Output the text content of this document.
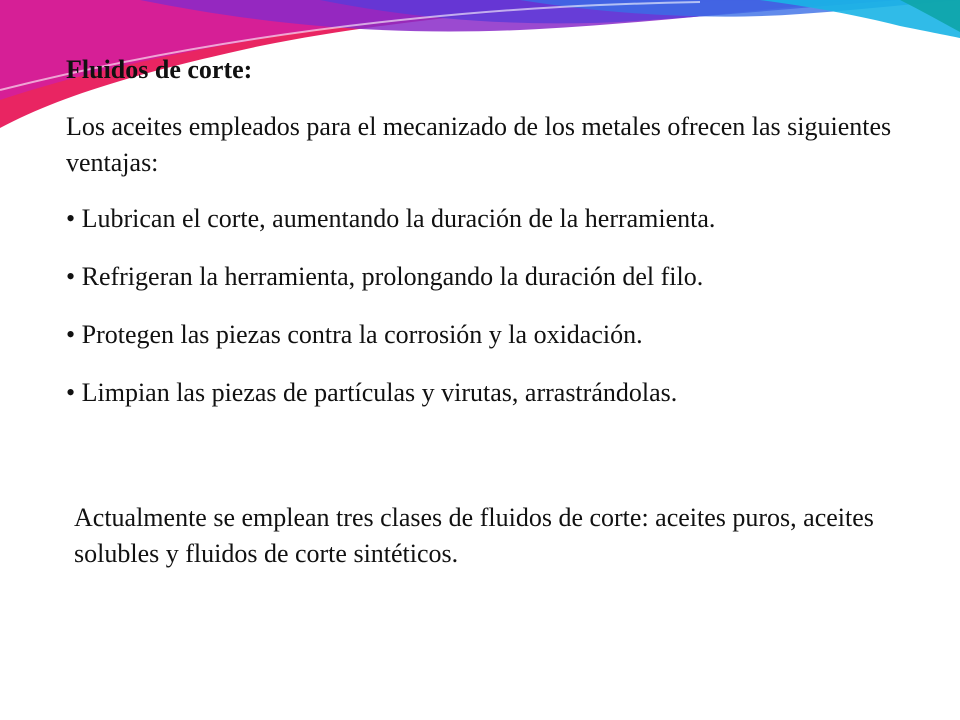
Fluidos de corte:

Los aceites empleados para el mecanizado de los metales ofrecen las siguientes ventajas:

• Lubrican el corte, aumentando la duración de la herramienta.
• Refrigeran la herramienta, prolongando la duración del filo.
• Protegen las piezas contra la corrosión y la oxidación.
• Limpian las piezas de partículas y virutas, arrastrándolas.

Actualmente se emplean tres clases de fluidos de corte: aceites puros, aceites solubles y fluidos de corte sintéticos.
